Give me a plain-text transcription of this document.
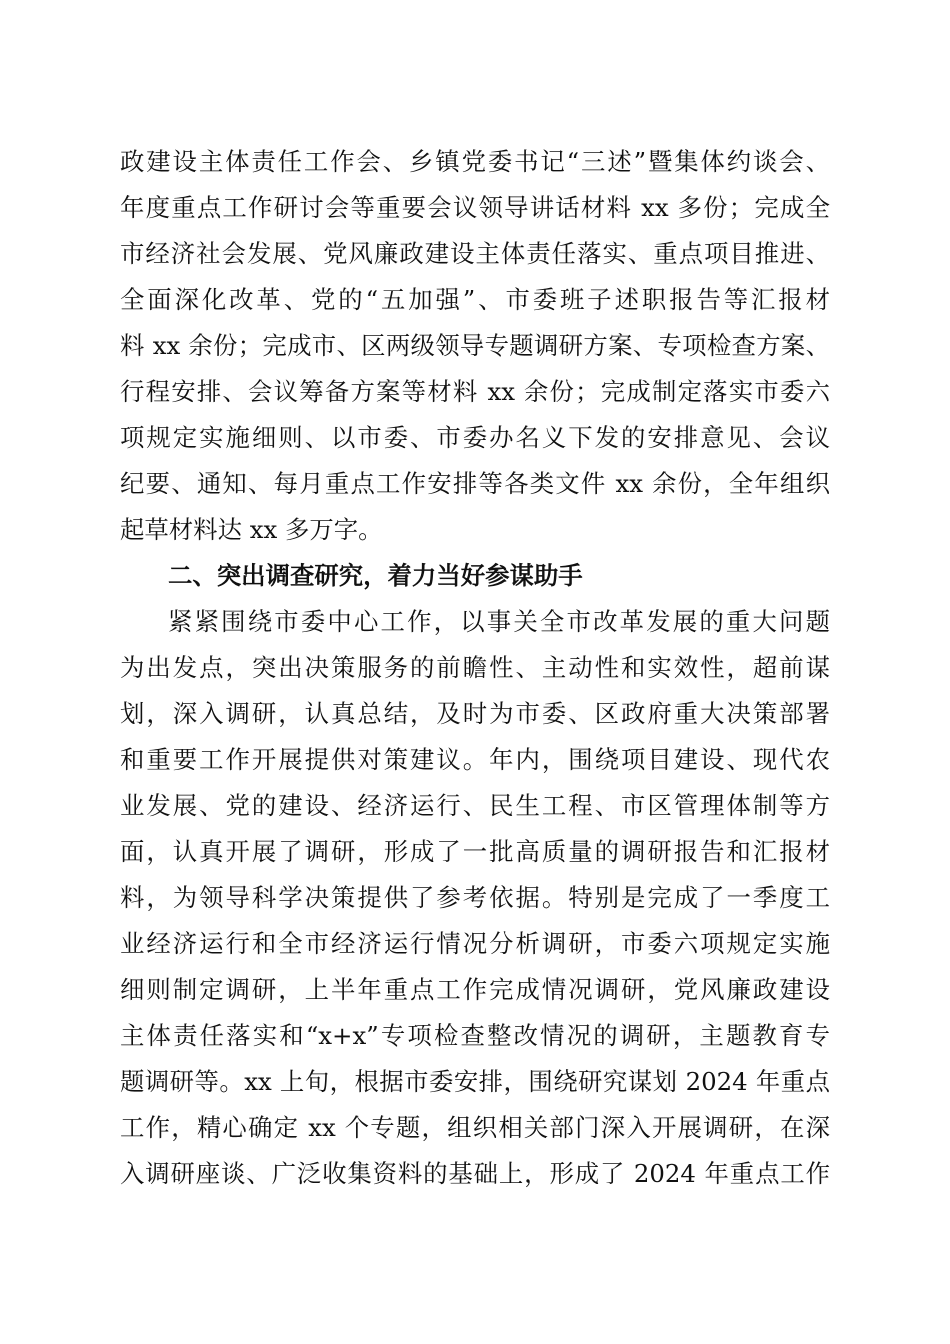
政建设主体责任工作会、乡镇党委书记“三述”暨集体约谈会、
年度重点工作研讨会等重要会议领导讲话材料 xx 多份；完成全
市经济社会发展、党风廉政建设主体责任落实、重点项目推进、
全面深化改革、党的“五加强”、市委班子述职报告等汇报材
料 xx 余份；完成市、区两级领导专题调研方案、专项检查方案、
行程安排、会议筹备方案等材料 xx 余份；完成制定落实市委六
项规定实施细则、以市委、市委办名义下发的安排意见、会议
纪要、通知、每月重点工作安排等各类文件 xx 余份，全年组织
起草材料达 xx 多万字。
二、突出调查研究，着力当好参谋助手
紧紧围绕市委中心工作，以事关全市改革发展的重大问题
为出发点，突出决策服务的前瞻性、主动性和实效性，超前谋
划，深入调研，认真总结，及时为市委、区政府重大决策部署
和重要工作开展提供对策建议。年内，围绕项目建设、现代农
业发展、党的建设、经济运行、民生工程、市区管理体制等方
面，认真开展了调研，形成了一批高质量的调研报告和汇报材
料，为领导科学决策提供了参考依据。特别是完成了一季度工
业经济运行和全市经济运行情况分析调研，市委六项规定实施
细则制定调研，上半年重点工作完成情况调研，党风廉政建设
主体责任落实和“x+x”专项检查整改情况的调研，主题教育专
题调研等。xx 上旬，根据市委安排，围绕研究谋划 2024 年重点
工作，精心确定 xx 个专题，组织相关部门深入开展调研，在深
入调研座谈、广泛收集资料的基础上，形成了 2024 年重点工作
